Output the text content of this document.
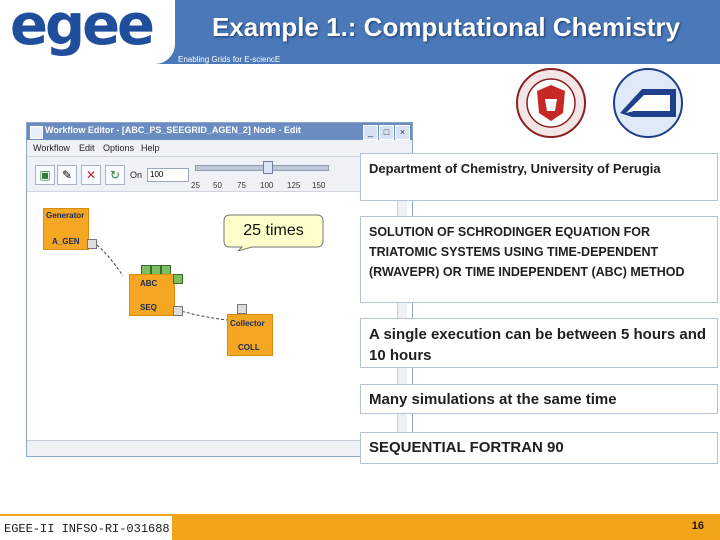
egee	Example 1.: Computational Chemistry
Enabling Grids for E-sciencE
Workflow Editor - [ABC_PS_SEEGRID_AGEN_2] Node - Edit	_	□	×
Workflow Edit Options Help
▣ ✎	✕	↻	On 100
25 50 75 100 125 150
Generator
A_GEN
ABC
SEQ
Collector
COLL
25 times
Department of Chemistry, University of Perugia
SOLUTION OF SCHRODINGER EQUATION FOR TRIATOMIC SYSTEMS USING TIME-DEPENDENT (RWAVEPR) OR TIME INDEPENDENT (ABC) METHOD
A single execution can be between 5 hours and 10 hours
Many simulations at the same time
SEQUENTIAL FORTRAN 90
EGEE-II INFSO-RI-031688	16
